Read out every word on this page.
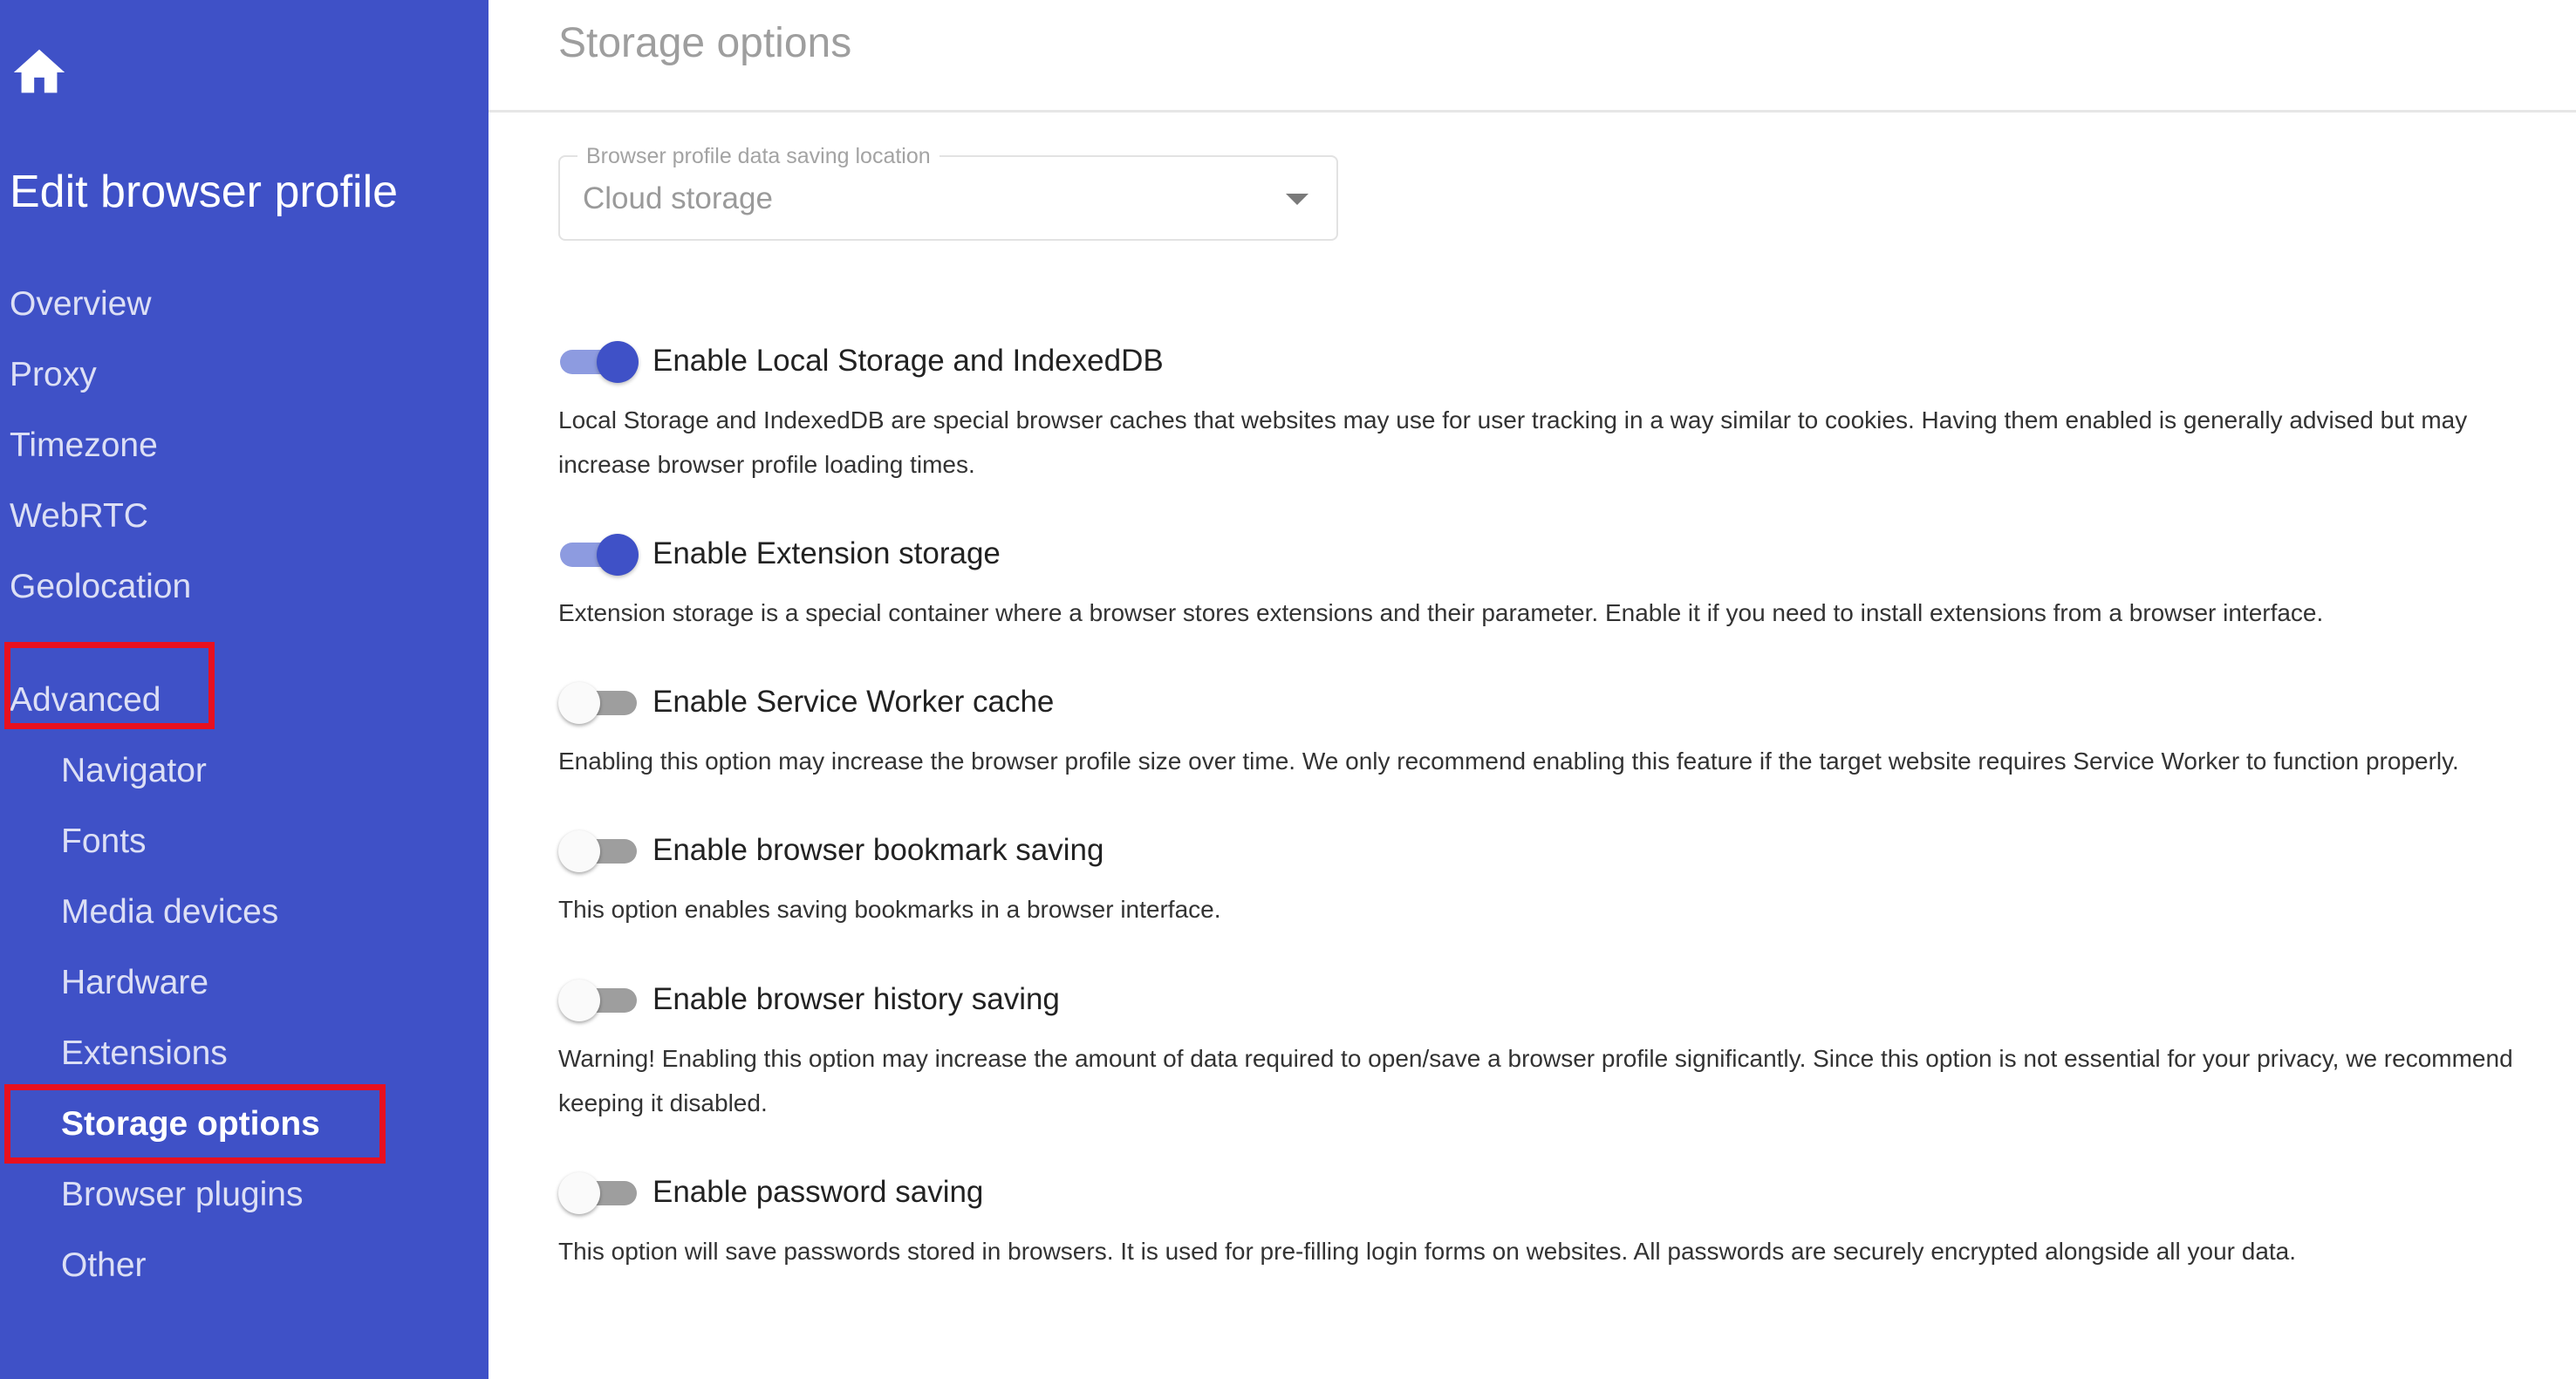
Edit browser profile
Overview
Proxy
Timezone
WebRTC
Geolocation
Advanced
Navigator
Fonts
Media devices
Hardware
Extensions
Storage options
Browser plugins
Other
Storage options
Browser profile data saving location
Cloud storage
Enable Local Storage and IndexedDB
Local Storage and IndexedDB are special browser caches that websites may use for user tracking in a way similar to cookies. Having them enabled is generally advised but may increase browser profile loading times.
Enable Extension storage
Extension storage is a special container where a browser stores extensions and their parameter. Enable it if you need to install extensions from a browser interface.
Enable Service Worker cache
Enabling this option may increase the browser profile size over time. We only recommend enabling this feature if the target website requires Service Worker to function properly.
Enable browser bookmark saving
This option enables saving bookmarks in a browser interface.
Enable browser history saving
Warning! Enabling this option may increase the amount of data required to open/save a browser profile significantly. Since this option is not essential for your privacy, we recommend keeping it disabled.
Enable password saving
This option will save passwords stored in browsers. It is used for pre-filling login forms on websites. All passwords are securely encrypted alongside all your data.
